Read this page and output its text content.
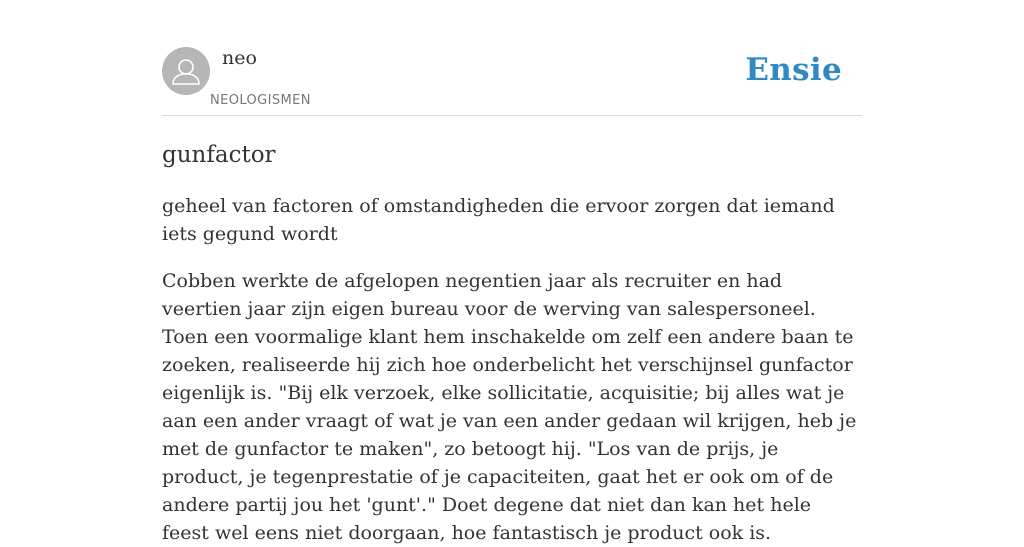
neo
NEOLOGISMEN
Ensie
gunfactor

geheel van factoren of omstandigheden die ervoor zorgen dat iemand iets gegund wordt

Cobben werkte de afgelopen negentien jaar als recruiter en had veertien jaar zijn eigen bureau voor de werving van salespersoneel. Toen een voormalige klant hem inschakelde om zelf een andere baan te zoeken, realiseerde hij zich hoe onderbelicht het verschijnsel gunfactor eigenlijk is. "Bij elk verzoek, elke sollicitatie, acquisitie; bij alles wat je aan een ander vraagt of wat je van een ander gedaan wil krijgen, heb je met de gunfactor te maken", zo betoogt hij. "Los van de prijs, je product, je tegenprestatie of je capaciteiten, gaat het er ook om of de andere partij jou het 'gunt'." Doet degene dat niet dan kan het hele feest wel eens niet doorgaan, hoe fantastisch je product ook is.
